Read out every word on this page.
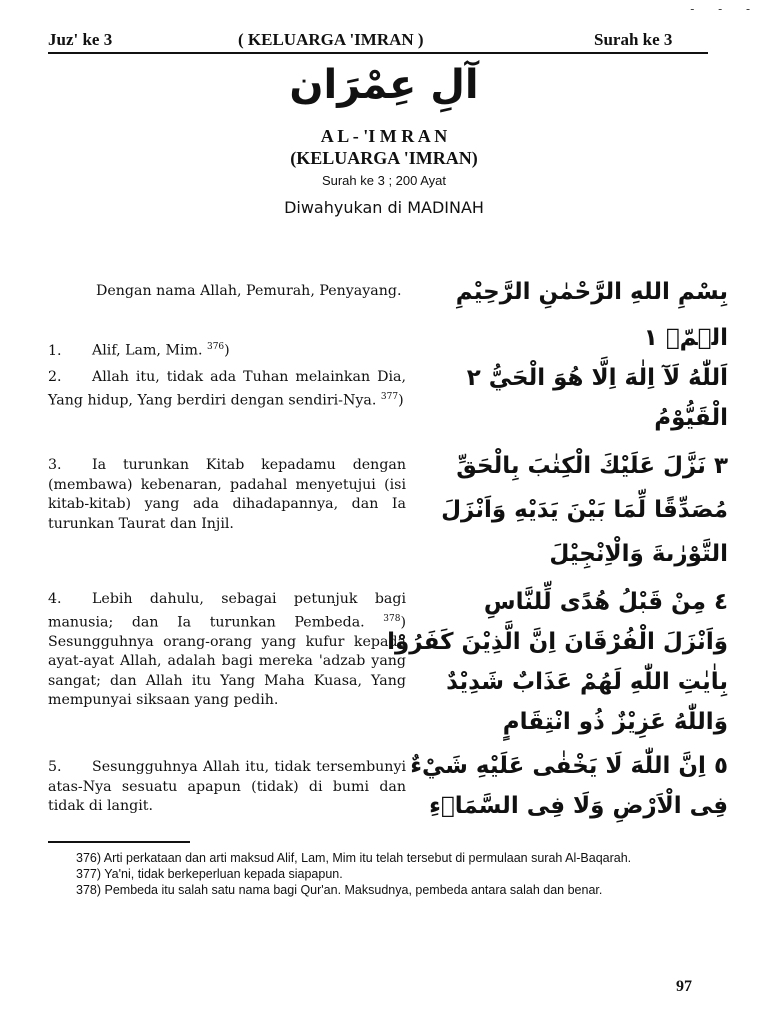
- - -
Juz' ke 3	( KELUARGA 'IMRAN )	Surah ke 3
آلِ عِمْرَان
A L - 'I M R A N
(KELUARGA 'IMRAN)
Surah ke 3 ; 200 Ayat
Diwahyukan di MADINAH
Dengan nama Allah, Pemurah, Penyayang.
1. Alif, Lam, Mim. $^{376}$)
2. Allah itu, tidak ada Tuhan melainkan Dia, Yang hidup, Yang berdiri dengan sendiri-Nya. $^{377}$)
3. Ia turunkan Kitab kepadamu dengan (membawa) kebenaran, padahal menyetujui (isi kitab-kitab) yang ada dihadapannya, dan Ia turunkan Taurat dan Injil.
4. Lebih dahulu, sebagai petunjuk bagi manusia; dan Ia turunkan Pembeda. $^{378}$) Sesungguhnya orang-orang yang kufur kepada ayat-ayat Allah, adalah bagi mereka 'adzab yang sangat; dan Allah itu Yang Maha Kuasa, Yang mempunyai siksaan yang pedih.
5. Sesungguhnya Allah itu, tidak tersembunyi atas-Nya sesuatu apapun (tidak) di bumi dan tidak di langit.
بِسْمِ اللهِ الرَّحْمٰنِ الرَّحِيْمِ
الۤمّۤ ١
اَللّٰهُ لَآ اِلٰهَ اِلَّا هُوَ الْحَيُّ ٢
الْقَيُّوْمُ
٣ نَزَّلَ عَلَيْكَ الْكِتٰبَ بِالْحَقِّ
مُصَدِّقًا لِّمَا بَيْنَ يَدَيْهِ وَاَنْزَلَ
التَّوْرٰىةَ وَالْاِنْجِيْلَ
٤ مِنْ قَبْلُ هُدًى لِّلنَّاسِ
وَاَنْزَلَ الْفُرْقَانَ اِنَّ الَّذِيْنَ كَفَرُوْا
بِاٰيٰتِ اللّٰهِ لَهُمْ عَذَابٌ شَدِيْدٌ
وَاللّٰهُ عَزِيْزٌ ذُو انْتِقَامٍ
٥ اِنَّ اللّٰهَ لَا يَخْفٰى عَلَيْهِ شَيْءٌ
فِى الْاَرْضِ وَلَا فِى السَّمَاۤءِ

376) Arti perkataan dan arti maksud Alif, Lam, Mim itu telah tersebut di permulaan surah Al-Baqarah.

377) Ya'ni, tidak berkeperluan kepada siapapun.

378) Pembeda itu salah satu nama bagi Qur'an. Maksudnya, pembeda antara salah dan benar.

97
